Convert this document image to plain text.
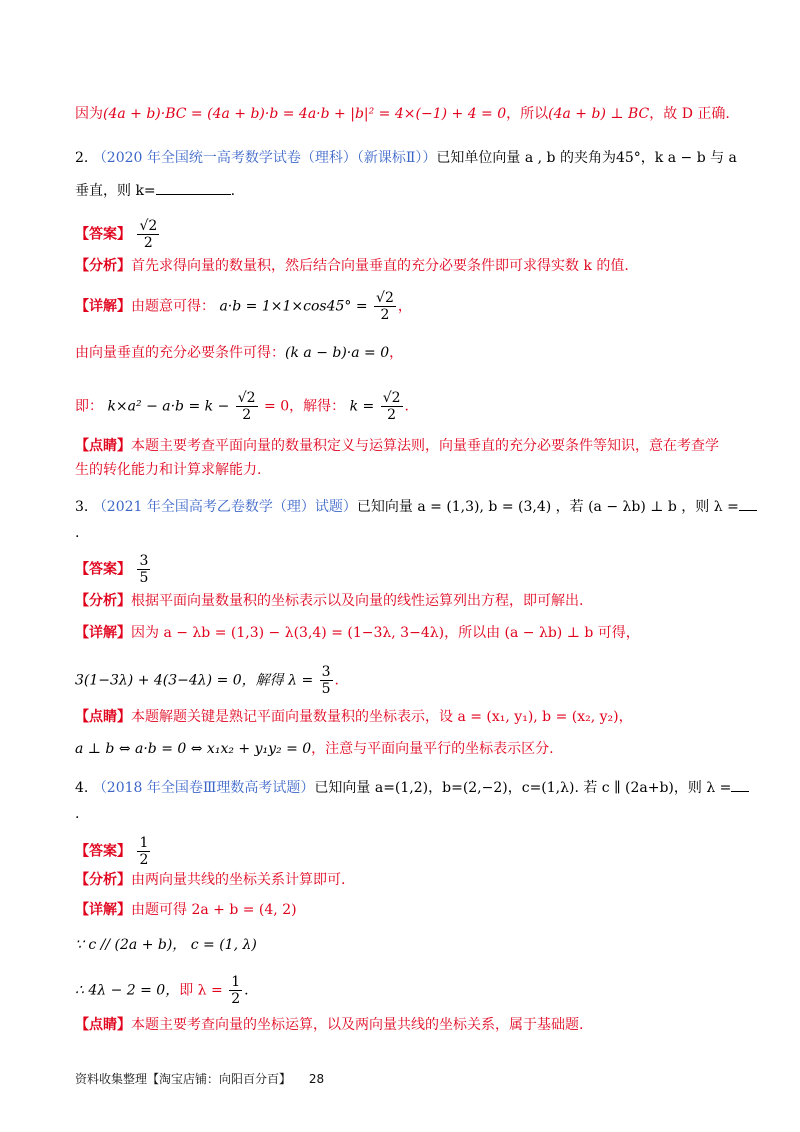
因为(4a + b)·BC = (4a + b)·b = 4a·b + |b|² = 4×(−1) + 4 = 0，所以(4a + b) ⊥ BC，故 D 正确.
2. （2020 年全国统一高考数学试卷（理科）（新课标Ⅱ））已知单位向量 a , b 的夹角为45°，k a − b 与 a
垂直，则 k=	.
【答案】 $\frac{√2}{2}$
【分析】首先求得向量的数量积，然后结合向量垂直的充分必要条件即可求得实数 k 的值.
【详解】由题意可得： $a\cdot b = 1\times 1\times\cos 45^\circ = \frac{√2}{2}$ ，
由向量垂直的充分必要条件可得：(k a − b)·a = 0，
即： $k\times a^2 - a\cdot b = k - \frac{√2}{2} = 0$，解得： $k = \frac{√2}{2}$ .
【点睛】本题主要考查平面向量的数量积定义与运算法则，向量垂直的充分必要条件等知识，意在考查学
生的转化能力和计算求解能力.
3. （2021 年全国高考乙卷数学（理）试题）已知向量 a = (1,3), b = (3,4) ，若 (a − λb) ⊥ b ，则 λ =
.
【答案】 $\frac{3}{5}$
【分析】根据平面向量数量积的坐标表示以及向量的线性运算列出方程，即可解出.
【详解】因为 a − λb = (1,3) − λ(3,4) = (1−3λ, 3−4λ)，所以由 (a − λb) ⊥ b 可得，
3(1−3λ) + 4(3−4λ) = 0，解得 $\lambda = \frac{3}{5}$ .
【点睛】本题解题关键是熟记平面向量数量积的坐标表示，设 a = (x₁, y₁), b = (x₂, y₂)，
a ⊥ b ⇔ a·b = 0 ⇔ x₁x₂ + y₁y₂ = 0，注意与平面向量平行的坐标表示区分.
4. （2018 年全国卷Ⅲ理数高考试题）已知向量 a=(1,2)，b=(2,−2)，c=(1,λ). 若 c ∥ (2a+b)，则 λ =
.
【答案】 $\frac{1}{2}$
【分析】由两向量共线的坐标关系计算即可.
【详解】由题可得 2a + b = (4, 2)
∵ c // (2a + b)， c = (1, λ)
∴ 4λ − 2 = 0，即 $\lambda = \frac{1}{2}$ .
【点睛】本题主要考查向量的坐标运算，以及两向量共线的坐标关系，属于基础题.
资料收集整理【淘宝店铺：向阳百分百】 28
